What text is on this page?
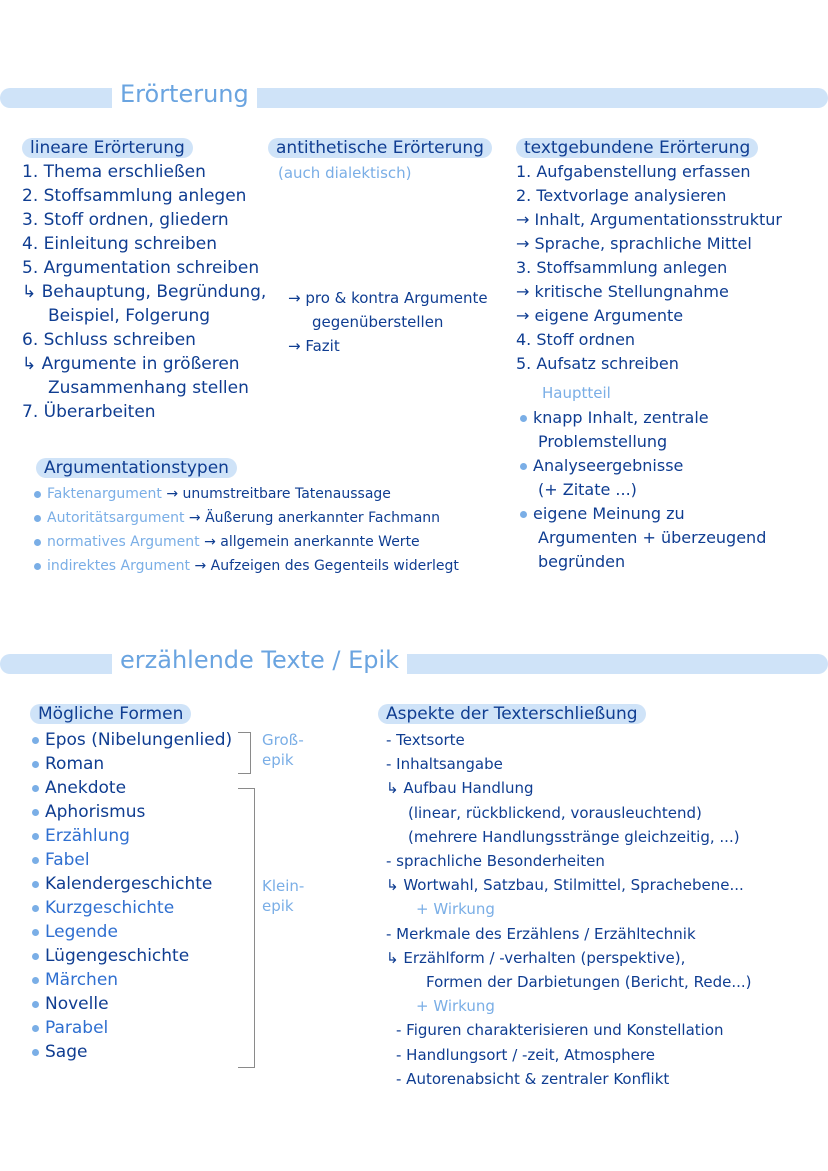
Erörterung
lineare Erörterung
1. Thema erschließen
2. Stoffsammlung anlegen
3. Stoff ordnen, gliedern
4. Einleitung schreiben
5. Argumentation schreiben
↳ Behauptung, Begründung,
Beispiel, Folgerung
6. Schluss schreiben
↳ Argumente in größeren
Zusammenhang stellen
7. Überarbeiten
antithetische Erörterung
(auch dialektisch)
→ pro & kontra Argumente
gegenüberstellen
→ Fazit
textgebundene Erörterung
1. Aufgabenstellung erfassen
2. Textvorlage analysieren
→ Inhalt, Argumentationsstruktur
→ Sprache, sprachliche Mittel
3. Stoffsammlung anlegen
→ kritische Stellungnahme
→ eigene Argumente
4. Stoff ordnen
5. Aufsatz schreiben
Hauptteil
knapp Inhalt, zentrale
Problemstellung
Analyseergebnisse
(+ Zitate ...)
eigene Meinung zu
Argumenten + überzeugend
begründen
Argumentationstypen
Faktenargument → unumstreitbare Tatenaussage
Autoritätsargument → Äußerung anerkannter Fachmann
normatives Argument → allgemein anerkannte Werte
indirektes Argument → Aufzeigen des Gegenteils widerlegt
erzählende Texte / Epik
Mögliche Formen
Epos (Nibelungenlied)
Roman
Anekdote
Aphorismus
Erzählung
Fabel
Kalendergeschichte
Kurzgeschichte
Legende
Lügengeschichte
Märchen
Novelle
Parabel
Sage
Groß-
epik
Klein-
epik
Aspekte der Texterschließung
- Textsorte
- Inhaltsangabe
↳ Aufbau Handlung
(linear, rückblickend, vorausleuchtend)
(mehrere Handlungsstränge gleichzeitig, ...)
- sprachliche Besonderheiten
↳ Wortwahl, Satzbau, Stilmittel, Sprachebene...
+ Wirkung
- Merkmale des Erzählens / Erzähltechnik
↳ Erzählform / -verhalten (perspektive),
Formen der Darbietungen (Bericht, Rede...)
+ Wirkung
- Figuren charakterisieren und Konstellation
- Handlungsort / -zeit, Atmosphere
- Autorenabsicht & zentraler Konflikt
